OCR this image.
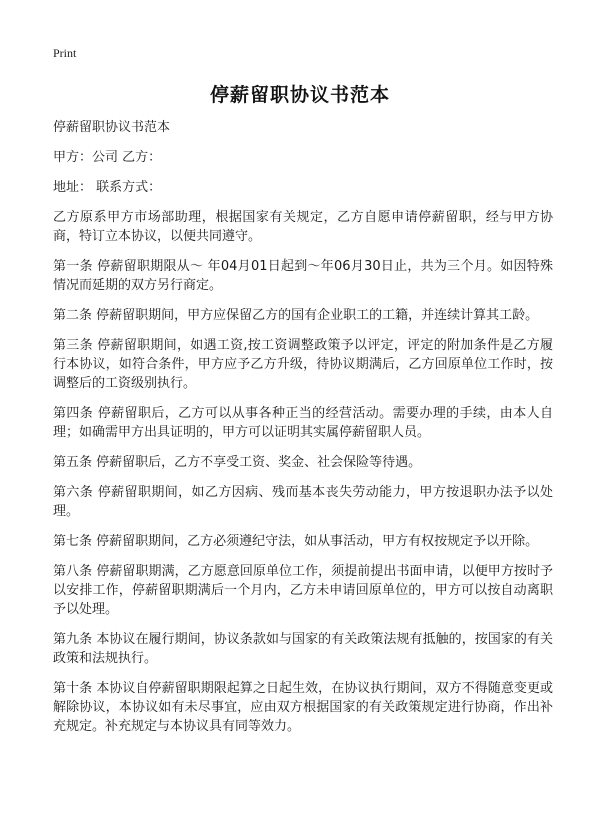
Print
停薪留职协议书范本

停薪留职协议书范本

甲方：公司 乙方：

地址： 联系方式：

乙方原系甲方市场部助理，根据国家有关规定，乙方自愿申请停薪留职，经与甲方协商，特订立本协议，以便共同遵守。

第一条 停薪留职期限从～ 年04月01日起到～年06月30日止，共为三个月。如因特殊情况而延期的双方另行商定。

第二条 停薪留职期间，甲方应保留乙方的国有企业职工的工籍，并连续计算其工龄。

第三条 停薪留职期间，如遇工资,按工资调整政策予以评定，评定的附加条件是乙方履行本协议，如符合条件，甲方应予乙方升级，待协议期满后，乙方回原单位工作时，按调整后的工资级别执行。

第四条 停薪留职后，乙方可以从事各种正当的经营活动。需要办理的手续，由本人自理；如确需甲方出具证明的，甲方可以证明其实属停薪留职人员。

第五条 停薪留职后，乙方不享受工资、奖金、社会保险等待遇。

第六条 停薪留职期间，如乙方因病、残而基本丧失劳动能力，甲方按退职办法予以处理。

第七条 停薪留职期间，乙方必须遵纪守法，如从事活动，甲方有权按规定予以开除。

第八条 停薪留职期满，乙方愿意回原单位工作，须提前提出书面申请，以便甲方按时予以安排工作，停薪留职期满后一个月内，乙方未申请回原单位的，甲方可以按自动离职予以处理。

第九条 本协议在履行期间，协议条款如与国家的有关政策法规有抵触的，按国家的有关政策和法规执行。

第十条 本协议自停薪留职期限起算之日起生效，在协议执行期间，双方不得随意变更或解除协议，本协议如有未尽事宜，应由双方根据国家的有关政策规定进行协商，作出补充规定。补充规定与本协议具有同等效力。
